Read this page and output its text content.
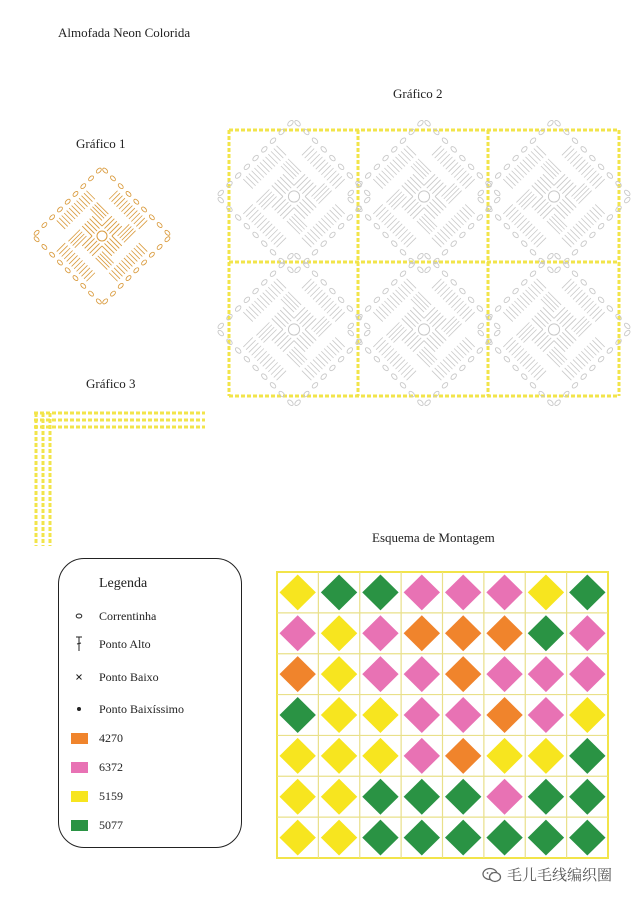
Almofada Neon Colorida
Gráfico 1
Gráfico 2
Gráfico 3
Esquema de Montagem
Legenda
Correntinha
Ponto Alto
Ponto Baixo
Ponto Baixíssimo
4270
6372
5159
5077
毛儿毛线编织圈
